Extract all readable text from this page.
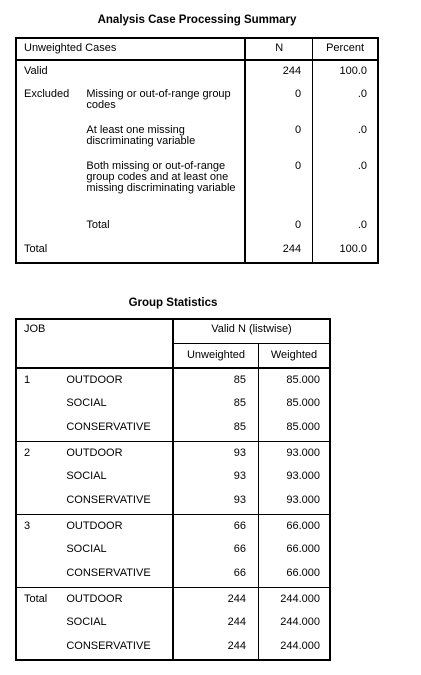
Analysis Case Processing Summary
Unweighted Cases		N	Percent
Valid		244	100.0
Excluded	Missing or out-of-range group codes	0	.0
	At least one missing discriminating variable	0	.0
	Both missing or out-of-range group codes and at least one missing discriminating variable	0	.0
	Total	0	.0
Total		244	100.0
Group Statistics
JOB		Valid N (listwise)	
		Unweighted	Weighted
1	OUTDOOR	85	85.000
	SOCIAL	85	85.000
	CONSERVATIVE	85	85.000
2	OUTDOOR	93	93.000
	SOCIAL	93	93.000
	CONSERVATIVE	93	93.000
3	OUTDOOR	66	66.000
	SOCIAL	66	66.000
	CONSERVATIVE	66	66.000
Total	OUTDOOR	244	244.000
	SOCIAL	244	244.000
	CONSERVATIVE	244	244.000
